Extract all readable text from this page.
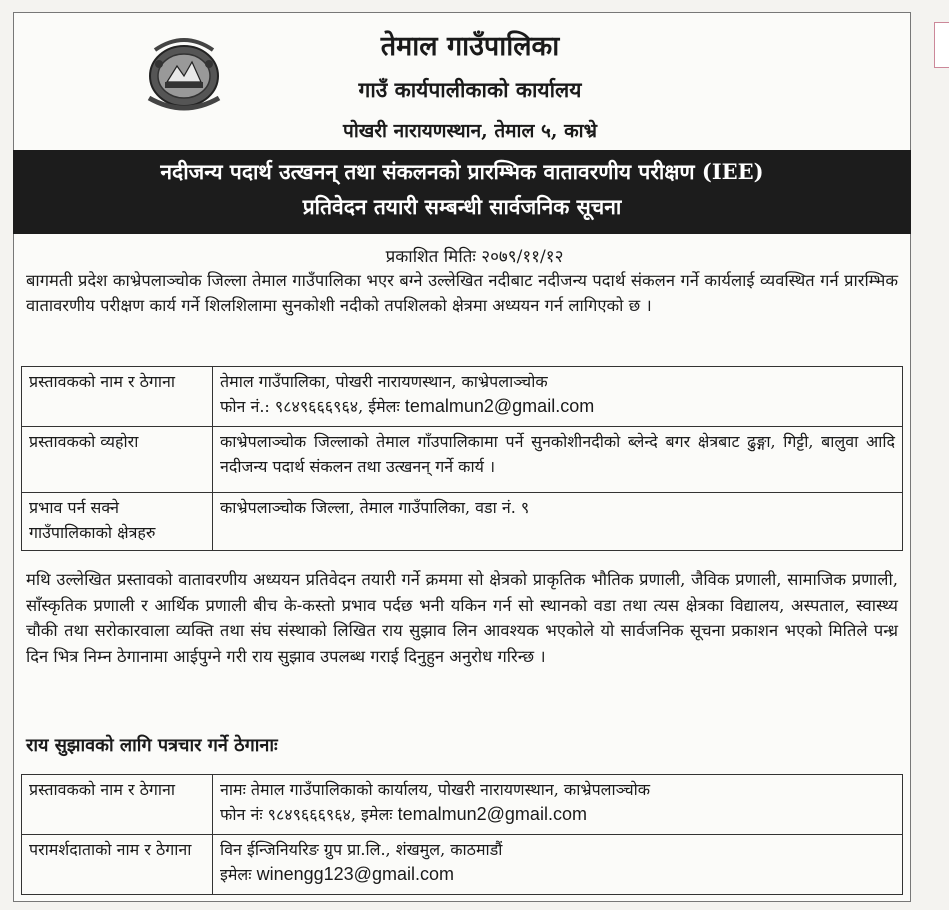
तेमाल गाउँपालिका
गाउँ कार्यपालीकाको कार्यालय
पोखरी नारायणस्थान, तेमाल ५, काभ्रे
नदीजन्य पदार्थ उत्खनन् तथा संकलनको प्रारम्भिक वातावरणीय परीक्षण (IEE)
प्रतिवेदन तयारी सम्बन्धी सार्वजनिक सूचना
प्रकाशित मितिः २०७९/११/१२
बागमती प्रदेश काभ्रेपलाञ्चोक जिल्ला तेमाल गाउँपालिका भएर बग्ने उल्लेखित नदीबाट नदीजन्य पदार्थ संकलन गर्ने कार्यलाई व्यवस्थित गर्न प्रारम्भिक वातावरणीय परीक्षण कार्य गर्ने शिलशिलामा सुनकोशी नदीको तपशिलको क्षेत्रमा अध्ययन गर्न लागिएको छ ।
प्रस्तावकको नाम र ठेगाना	तेमाल गाउँपालिका, पोखरी नारायणस्थान, काभ्रेपलाञ्चोक
फोन नं.: ९८४९६६६९६४, ईमेलः temalmun2@gmail.com

प्रस्तावकको व्यहोरा	काभ्रेपलाञ्चोक जिल्लाको तेमाल गाँउपालिकामा पर्ने सुनकोशीनदीको ब्लेन्दे बगर क्षेत्रबाट ढुङ्गा, गिट्टी, बालुवा आदि नदीजन्य पदार्थ संकलन तथा उत्खनन् गर्ने कार्य ।
प्रभाव पर्न सक्ने गाउँपालिकाको क्षेत्रहरु	काभ्रेपलाञ्चोक जिल्ला, तेमाल गाउँपालिका, वडा नं. ९
मथि उल्लेखित प्रस्तावको वातावरणीय अध्ययन प्रतिवेदन तयारी गर्ने क्रममा सो क्षेत्रको प्राकृतिक भौतिक प्रणाली, जैविक प्रणाली, सामाजिक प्रणाली, साँस्कृतिक प्रणाली र आर्थिक प्रणाली बीच के-कस्तो प्रभाव पर्दछ भनी यकिन गर्न सो स्थानको वडा तथा त्यस क्षेत्रका विद्यालय, अस्पताल, स्वास्थ्य चौकी तथा सरोकारवाला व्यक्ति तथा संघ संस्थाको लिखित राय सुझाव लिन आवश्यक भएकोले यो सार्वजनिक सूचना प्रकाशन भएको मितिले पन्ध्र दिन भित्र निम्न ठेगानामा आईपुग्ने गरी राय सुझाव उपलब्ध गराई दिनुहुन अनुरोध गरिन्छ ।
राय सुझावको लागि पत्रचार गर्ने ठेगानाः
प्रस्तावकको नाम र ठेगाना	नामः तेमाल गाउँपालिकाको कार्यालय, पोखरी नारायणस्थान, काभ्रेपलाञ्चोक
फोन नंः ९८४९६६६९६४, इमेलः temalmun2@gmail.com

परामर्शदाताको नाम र ठेगाना	विन ईन्जिनियरिङ ग्रुप प्रा.लि., शंखमुल, काठमाडौं
इमेलः winengg123@gmail.com
